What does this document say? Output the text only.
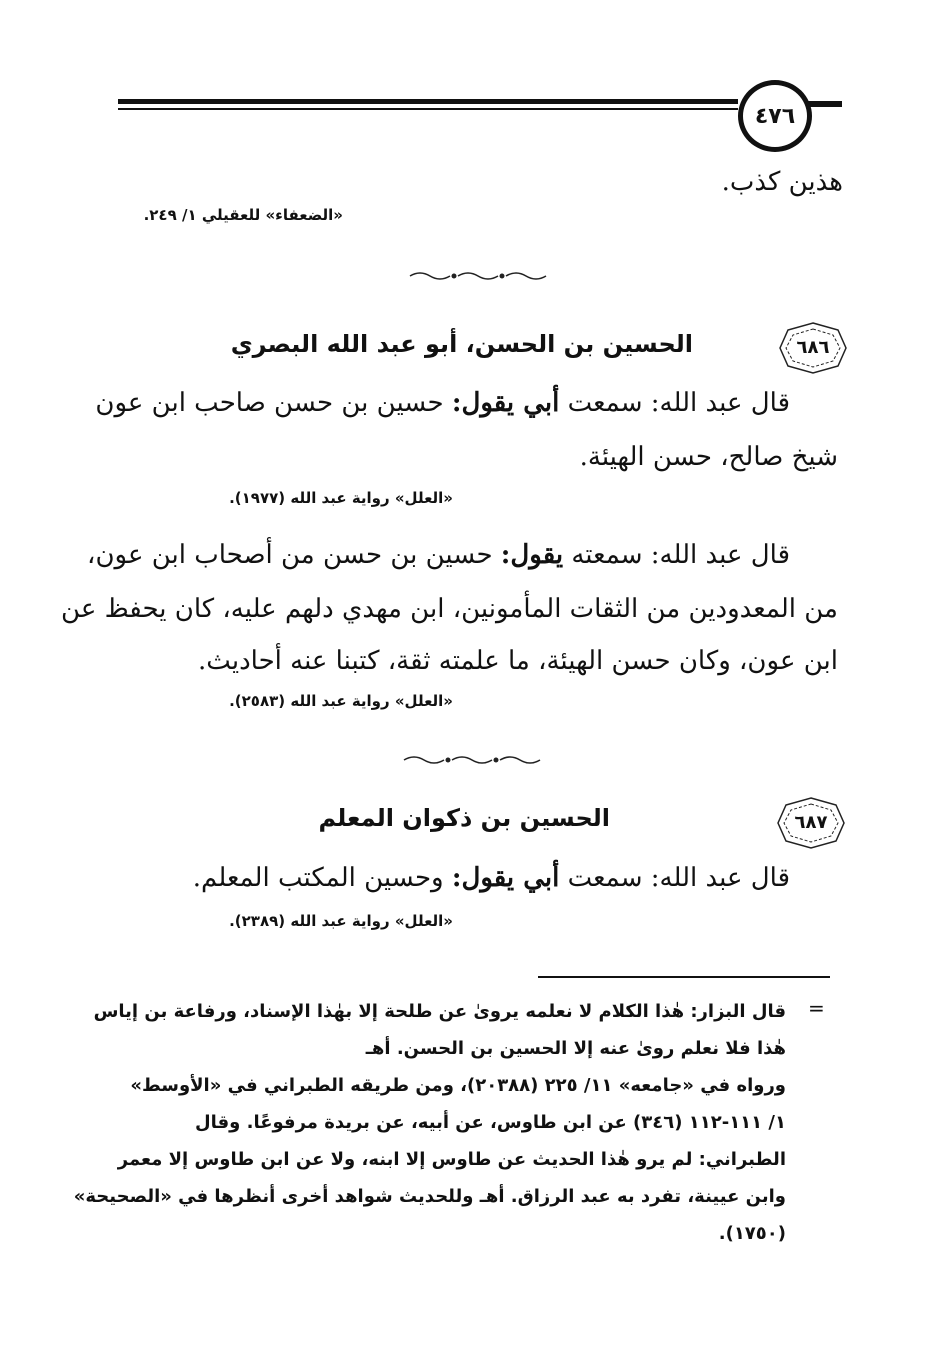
٤٧٦
هذين كذب.
«الضعفاء» للعقيلي ١/ ٢٤٩.
٦٨٦
الحسين بن الحسن، أبو عبد الله البصري
قال عبد الله: سمعت أبي يقول: حسين بن حسن صاحب ابن عون
شيخ صالح، حسن الهيئة.
«العلل» رواية عبد الله (١٩٧٧).
قال عبد الله: سمعته يقول: حسين بن حسن من أصحاب ابن عون،
من المعدودين من الثقات المأمونين، ابن مهدي دلهم عليه، كان يحفظ عن
ابن عون، وكان حسن الهيئة، ما علمته ثقة، كتبنا عنه أحاديث.
«العلل» رواية عبد الله (٢٥٨٣).
٦٨٧
الحسين بن ذكوان المعلم
قال عبد الله: سمعت أبي يقول: وحسين المكتب المعلم.
«العلل» رواية عبد الله (٢٣٨٩).
=
قال البزار: هٰذا الكلام لا نعلمه يروىٰ عن طلحة إلا بهٰذا الإسناد، ورفاعة بن إياس
هٰذا فلا نعلم روىٰ عنه إلا الحسين بن الحسن. أهـ
ورواه في «جامعه» ١١/ ٢٢٥ (٢٠٣٨٨)، ومن طريقه الطبراني في «الأوسط»
١/ ١١١-١١٢ (٣٤٦) عن ابن طاوس، عن أبيه، عن بريدة مرفوعًا. وقال
الطبراني: لم يرو هٰذا الحديث عن طاوس إلا ابنه، ولا عن ابن طاوس إلا معمر
وابن عيينة، تفرد به عبد الرزاق. أهـ وللحديث شواهد أخرى أنظرها في «الصحيحة»
(١٧٥٠).
